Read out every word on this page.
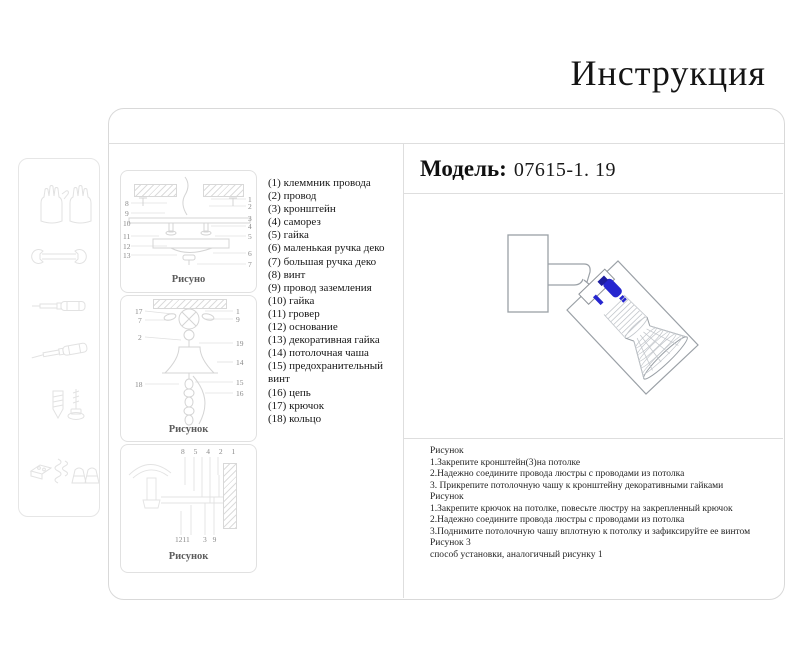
Инструкция
8
9
10
11
12
13
1
2
3
4
5
6
7
Рисуно
17
7
2
18
1
9
19
14
15
16
Рисунок
8 5 4 2 1
1211 3 9
Рисунок
(1) клеммник провода
(2) провод
(3) кронштейн
(4) саморез
(5) гайка
(6) маленькая ручка деко
(7) большая ручка деко
(8) винт
(9) провод заземления
(10) гайка
(11) гровер
(12) основание
(13) декоративная гайка
(14) потолочная чаша
(15) предохранительный винт
(16) цепь
(17) крючок
(18) кольцо
Модель: 07615-1. 19
Рисунок
1.Закрепите кронштейн(3)на потолке
2.Надежно соедините провода люстры с проводами из потолка
3. Прикрепите потолочную чашу к кронштейну декоративными гайками
Рисунок
1.Закрепите крючок на потолке, повесьте люстру на закрепленный крючок
2.Надежно соедините провода люстры с проводами из потолка
3.Поднимите потолочную чашу вплотную к потолку и зафиксируйте ее винтом
Рисунок 3
способ установки, аналогичный рисунку 1
